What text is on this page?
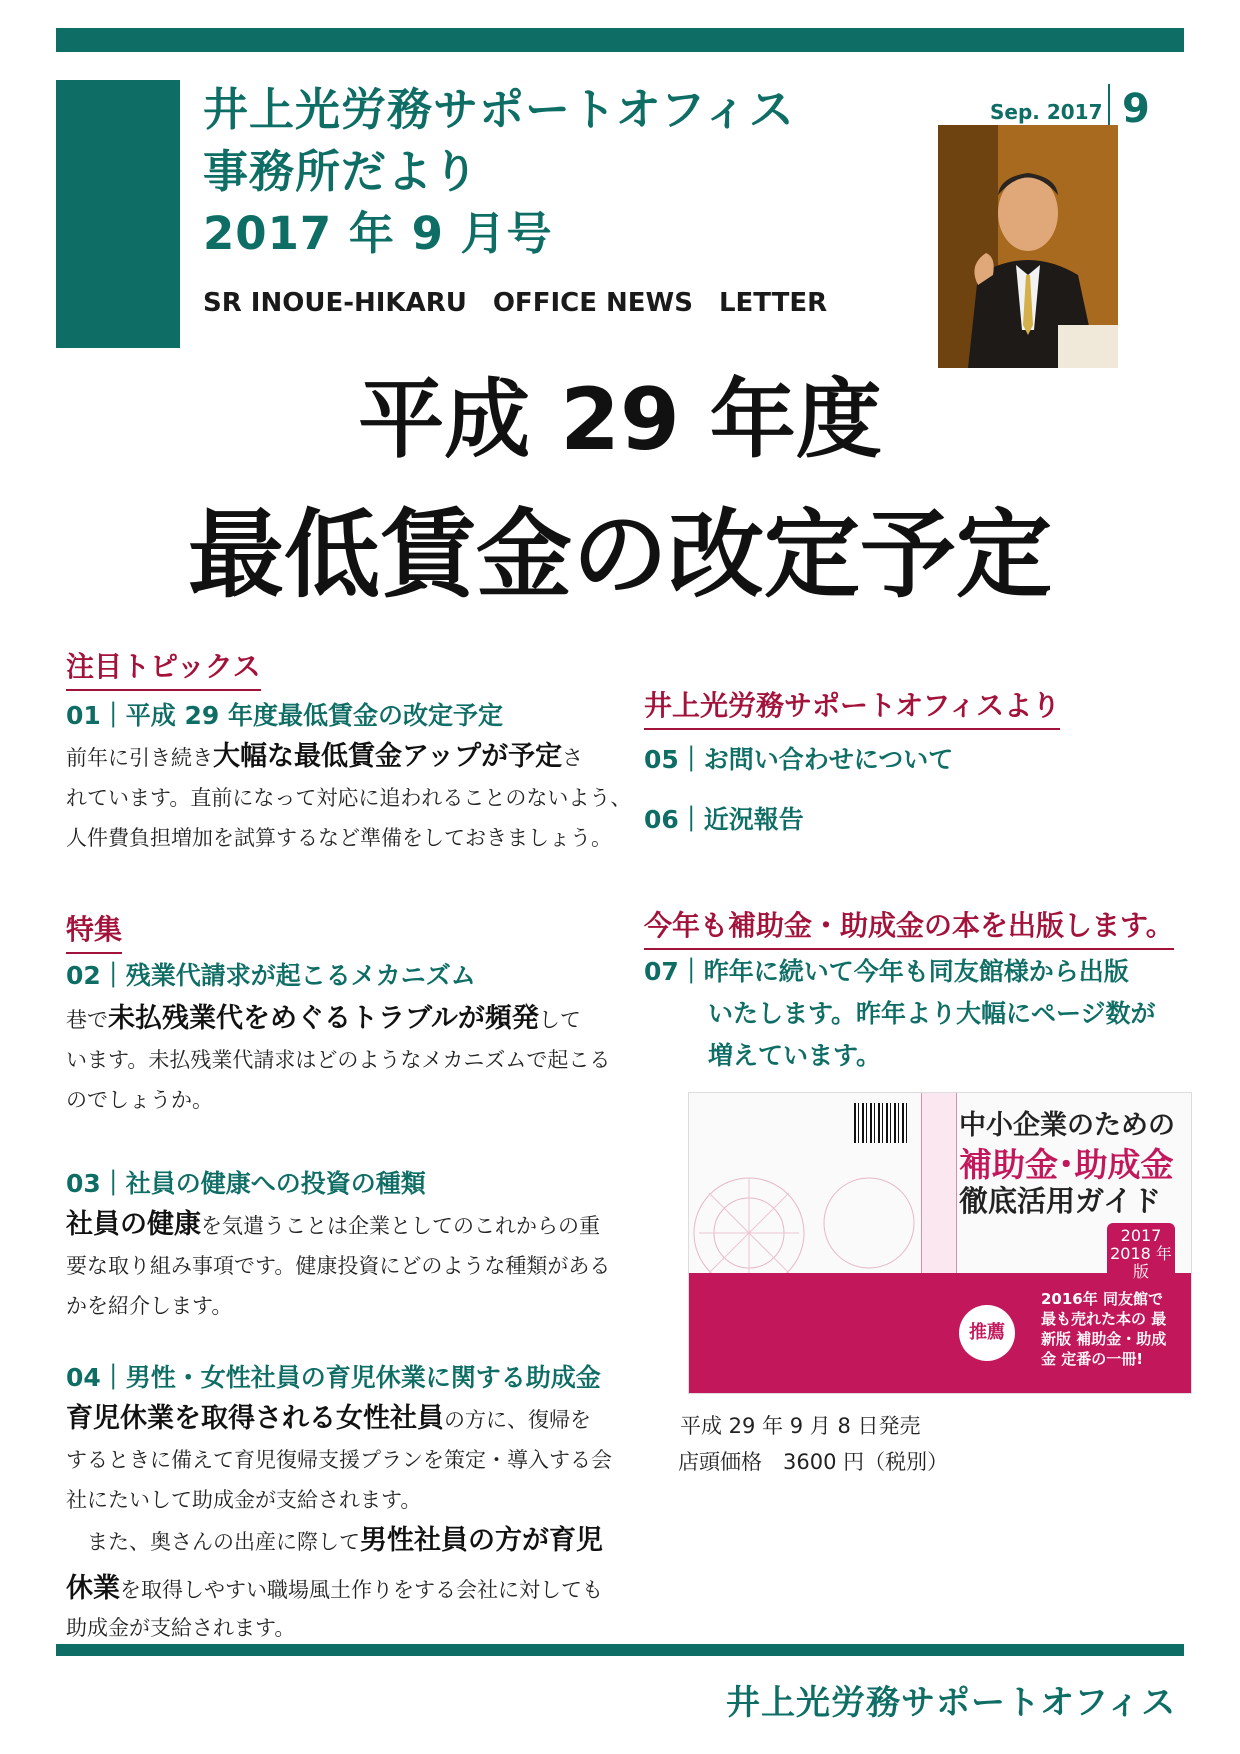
井上光労務サポートオフィス
事務所だより
2017 年 9 月号
SR INOUE-HIKARU　OFFICE NEWS　LETTER
Sep. 2017 9
平成 29 年度
最低賃金の改定予定
注目トピックス
01｜平成 29 年度最低賃金の改定予定
前年に引き続き大幅な最低賃金アップが予定さ
れています。直前になって対応に追われることのないよう、
人件費負担増加を試算するなど準備をしておきましょう。
特集
02｜残業代請求が起こるメカニズム
巷で未払残業代をめぐるトラブルが頻発して
います。未払残業代請求はどのようなメカニズムで起こる
のでしょうか。
03｜社員の健康への投資の種類
社員の健康を気遣うことは企業としてのこれからの重
要な取り組み事項です。健康投資にどのような種類がある
かを紹介します。
04｜男性・女性社員の育児休業に関する助成金
育児休業を取得される女性社員の方に、復帰を
するときに備えて育児復帰支援プランを策定・導入する会
社にたいして助成金が支給されます。
　また、奥さんの出産に際して男性社員の方が育児
休業を取得しやすい職場風土作りをする会社に対しても
助成金が支給されます。
井上光労務サポートオフィスより
05｜お問い合わせについて
06｜近況報告
今年も補助金・助成金の本を出版します。
07｜昨年に続いて今年も同友館様から出版
いたします。昨年より大幅にページ数が
増えています。
中小企業のための
補助金･助成金
徹底活用ガイド
2017 2018 年版
推薦
2016年 同友館で 最も売れた本の 最新版 補助金・助成金 定番の一冊!
平成 29 年 9 月 8 日発売
店頭価格　3600 円（税別）
井上光労務サポートオフィス
